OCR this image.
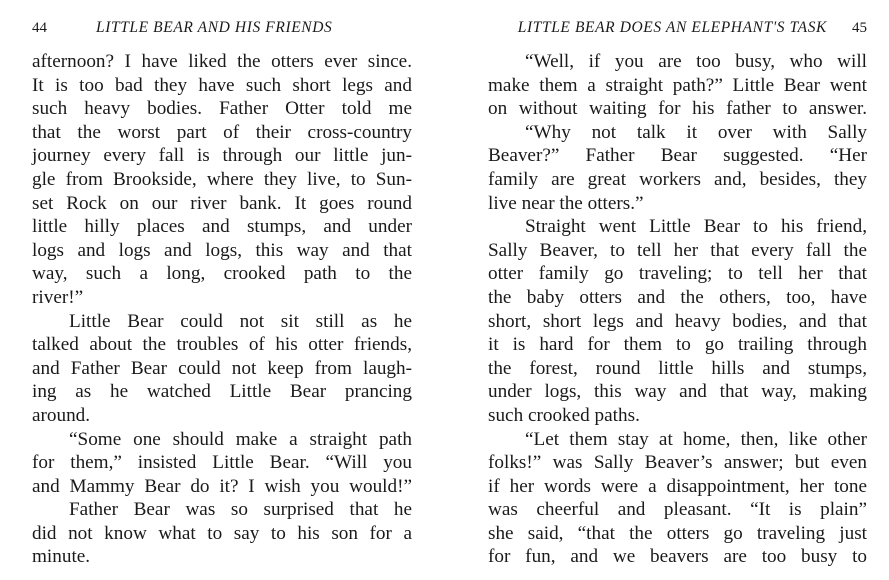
44	LITTLE BEAR AND HIS FRIENDS
afternoon? I have liked the otters ever since.
It is too bad they have such short legs and
such heavy bodies. Father Otter told me
that the worst part of their cross-country
journey every fall is through our little jun-
gle from Brookside, where they live, to Sun-
set Rock on our river bank. It goes round
little hilly places and stumps, and under
logs and logs and logs, this way and that
way, such a long, crooked path to the
river!”
Little Bear could not sit still as he
talked about the troubles of his otter friends,
and Father Bear could not keep from laugh-
ing as he watched Little Bear prancing
around.
“Some one should make a straight path
for them,” insisted Little Bear. “Will you
and Mammy Bear do it? I wish you would!”
Father Bear was so surprised that he
did not know what to say to his son for a
minute.
LITTLE BEAR DOES AN ELEPHANT'S TASK 45
“Well, if you are too busy, who will
make them a straight path?” Little Bear went
on without waiting for his father to answer.
“Why not talk it over with Sally
Beaver?” Father Bear suggested. “Her
family are great workers and, besides, they
live near the otters.”
Straight went Little Bear to his friend,
Sally Beaver, to tell her that every fall the
otter family go traveling; to tell her that
the baby otters and the others, too, have
short, short legs and heavy bodies, and that
it is hard for them to go trailing through
the forest, round little hills and stumps,
under logs, this way and that way, making
such crooked paths.
“Let them stay at home, then, like other
folks!” was Sally Beaver’s answer; but even
if her words were a disappointment, her tone
was cheerful and pleasant. “It is plain”
she said, “that the otters go traveling just
for fun, and we beavers are too busy to
